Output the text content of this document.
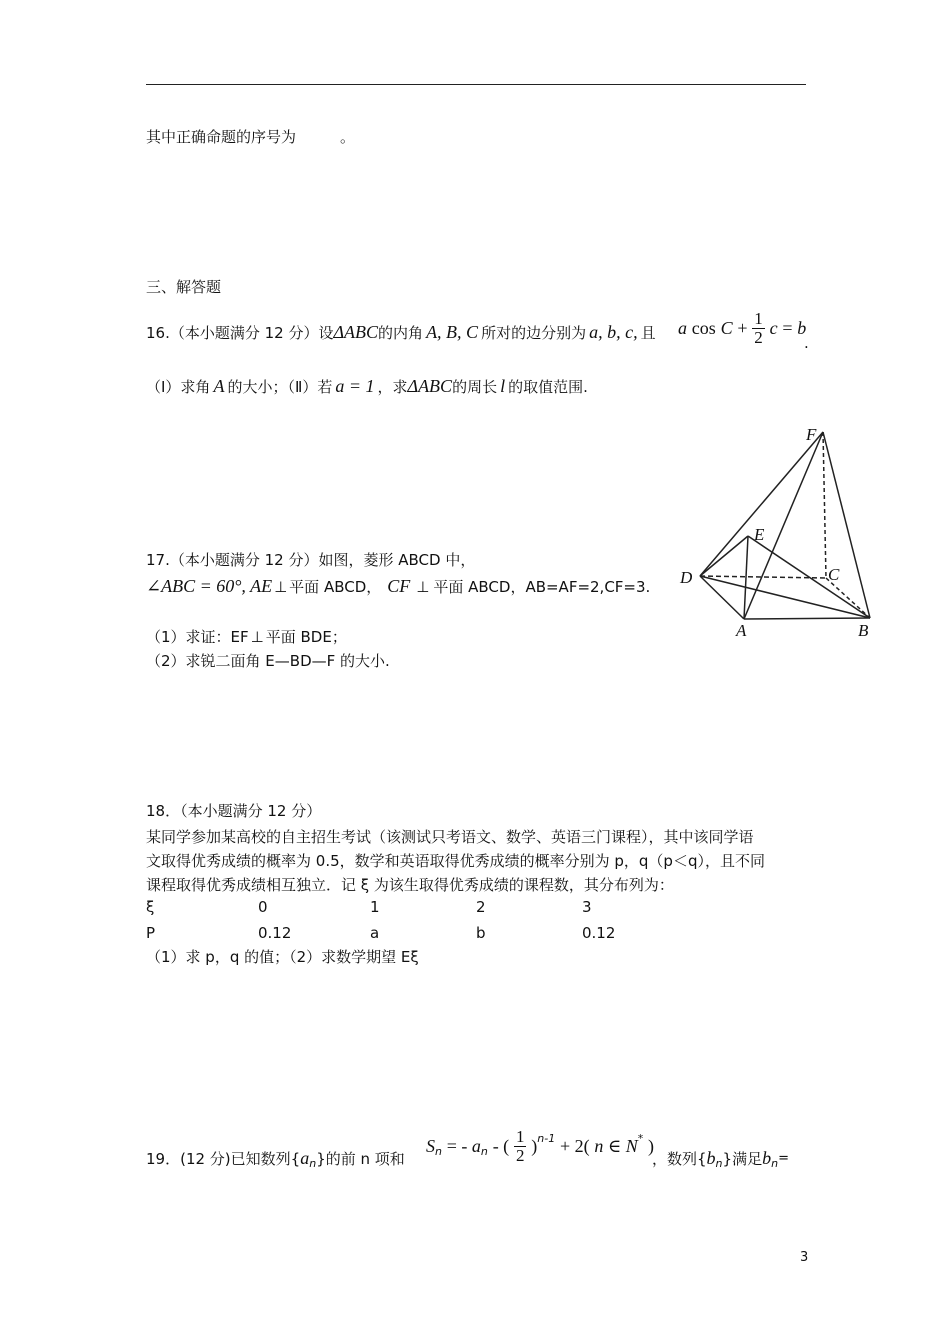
其中正确命题的序号为	。
三、解答题
16.（本小题满分 12 分）设ΔABC的内角 A, B, C 所对的边分别为 a, b, c, 且 a $\cos C + \frac{1}{2}$ c = b
.
（Ⅰ）求角 A 的大小；（Ⅱ）若 a = 1 ，求ΔABC的周长 l 的取值范围.
17.（本小题满分 12 分）如图，菱形 ABCD 中，
∠ABC = 60°, AE ⊥ 平面 ABCD， CF ⊥ 平面 ABCD，AB=AF=2,CF=3.
（1）求证：EF ⊥ 平面 BDE；
（2）求锐二面角 E—BD—F 的大小.
F
E
D	C
A	B
18．（本小题满分 12 分）
某同学参加某高校的自主招生考试（该测试只考语文、数学、英语三门课程），其中该同学语
文取得优秀成绩的概率为 0.5，数学和英语取得优秀成绩的概率分别为 p，q（p＜q），且不同
课程取得优秀成绩相互独立．记 ξ 为该生取得优秀成绩的课程数，其分布列为：
ξ	0	1	2	3
P	0.12	a	b	0.12
（1）求 p，q 的值；（2）求数学期望 Eξ
19．(12 分)已知数列$\{a_n\}$的前 n 项和
$S_n$ = - $a_n$ - ( $\frac{1}{2} )^{n-1} + 2$( n ∈ N* )
，数列$\{b_n\}$满足$b_n=$
3
